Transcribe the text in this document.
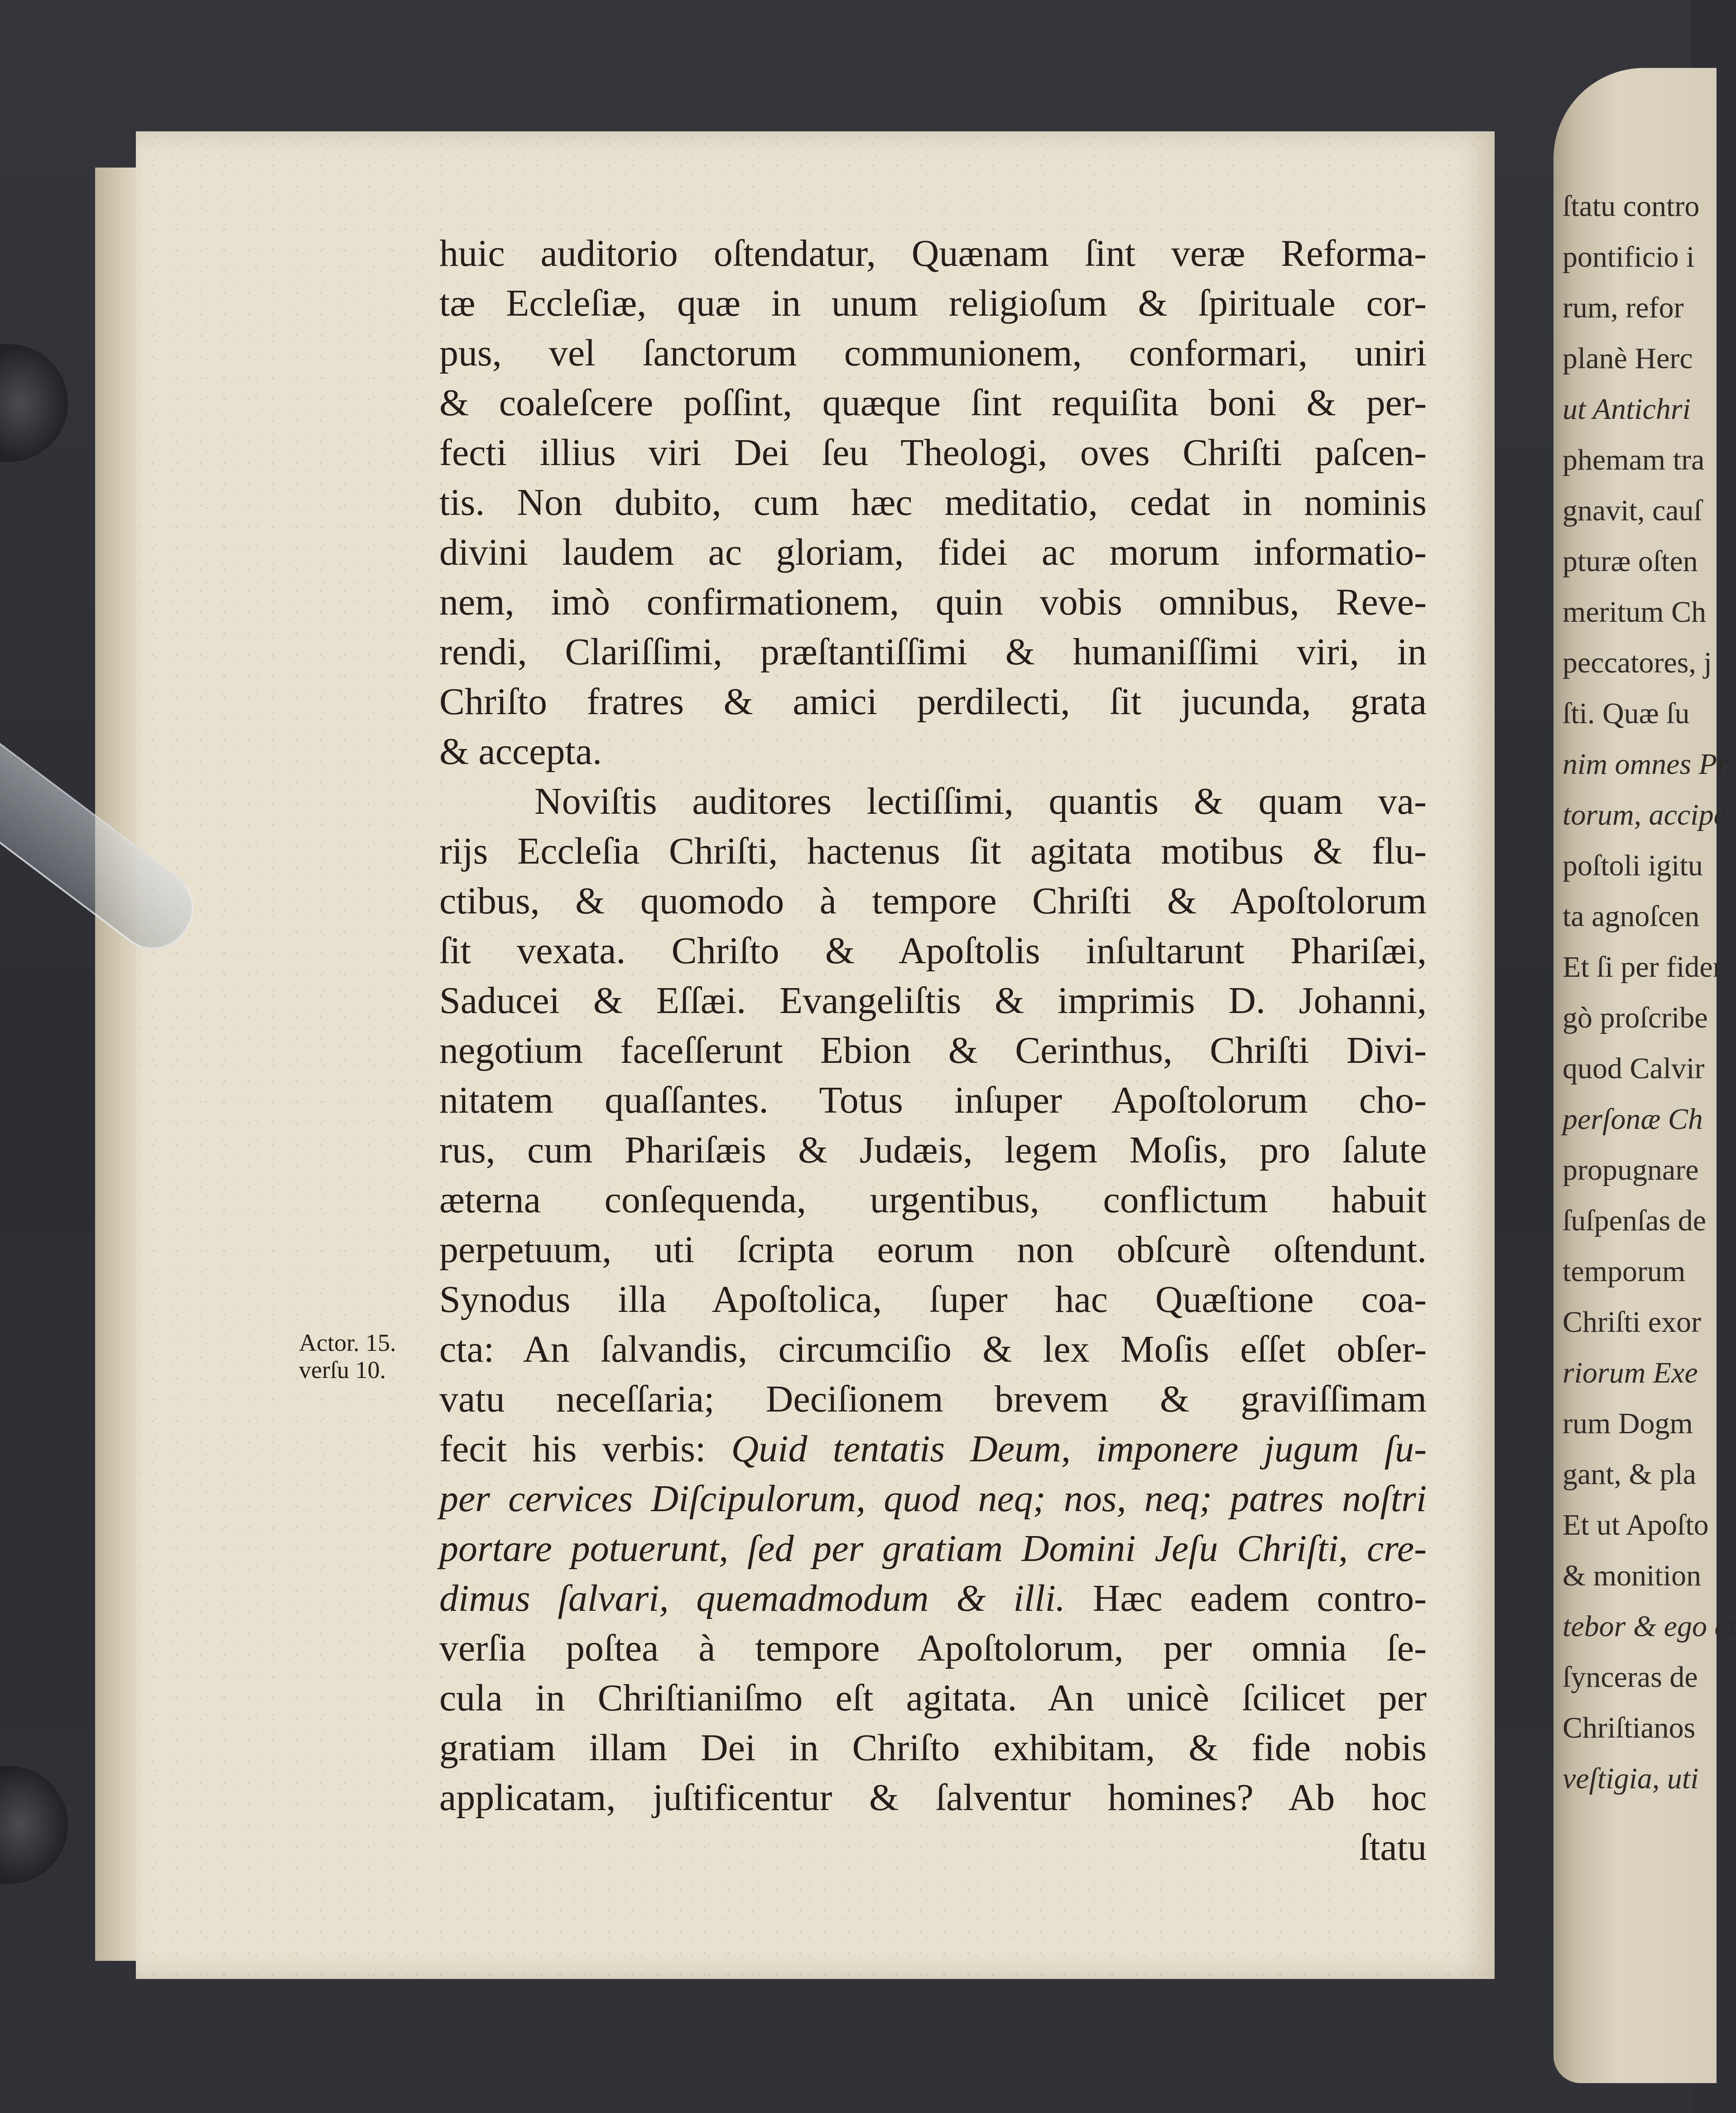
ſtatu contro
pontificio i
rum, refor
planè Herc
ut Antichri
phemam tra
gnavit, cauſ
pturæ oſten
meritum Ch
peccatores, j
ſti. Quæ ſu
nim omnes Pr
torum, accipe
poſtoli igitu
ta agnoſcen
Et ſi per fider
gò proſcribe
quod Calvir
perſonæ Ch
propugnare
ſuſpenſas de
temporum
Chriſti exor
riorum Exe
rum Dogm
gant, & pla
Et ut Apoſto
& monition
tebor & ego et
ſynceras de
Chriſtianos
veſtigia, uti
huic auditorio oſtendatur, Quænam ſint veræ Reforma-
tæ Eccleſiæ, quæ in unum religioſum & ſpirituale cor-
pus, vel ſanctorum communionem, conformari, uniri
& coaleſcere poſſint, quæque ſint requiſita boni & per-
fecti illius viri Dei ſeu Theologi, oves Chriſti paſcen-
tis. Non dubito, cum hæc meditatio, cedat in nominis
divini laudem ac gloriam, fidei ac morum informatio-
nem, imò confirmationem, quin vobis omnibus, Reve-
rendi, Clariſſimi, præſtantiſſimi & humaniſſimi viri, in
Chriſto fratres & amici perdilecti, ſit jucunda, grata
& accepta.
Noviſtis auditores lectiſſimi, quantis & quam va-
rijs Eccleſia Chriſti, hactenus ſit agitata motibus & flu-
ctibus, & quomodo à tempore Chriſti & Apoſtolorum
ſit vexata. Chriſto & Apoſtolis inſultarunt Phariſæi,
Saducei & Eſſæi. Evangeliſtis & imprimis D. Johanni,
negotium faceſſerunt Ebion & Cerinthus, Chriſti Divi-
nitatem quaſſantes. Totus inſuper Apoſtolorum cho-
rus, cum Phariſæis & Judæis, legem Moſis, pro ſalute
æterna conſequenda, urgentibus, conflictum habuit
perpetuum, uti ſcripta eorum non obſcurè oſtendunt.
Synodus illa Apoſtolica, ſuper hac Quæſtione coa-
cta: An ſalvandis, circumciſio & lex Moſis eſſet obſer-
vatu neceſſaria; Deciſionem brevem & graviſſimam
fecit his verbis: Quid tentatis Deum, imponere jugum ſu-
per cervices Diſcipulorum, quod neq; nos, neq; patres noſtri
portare potuerunt, ſed per gratiam Domini Jeſu Chriſti, cre-
dimus ſalvari, quemadmodum & illi. Hæc eadem contro-
verſia poſtea à tempore Apoſtolorum, per omnia ſe-
cula in Chriſtianiſmo eſt agitata. An unicè ſcilicet per
gratiam illam Dei in Chriſto exhibitam, & fide nobis
applicatam, juſtificentur & ſalventur homines? Ab hoc
ſtatu
Actor. 15.
verſu 10.
